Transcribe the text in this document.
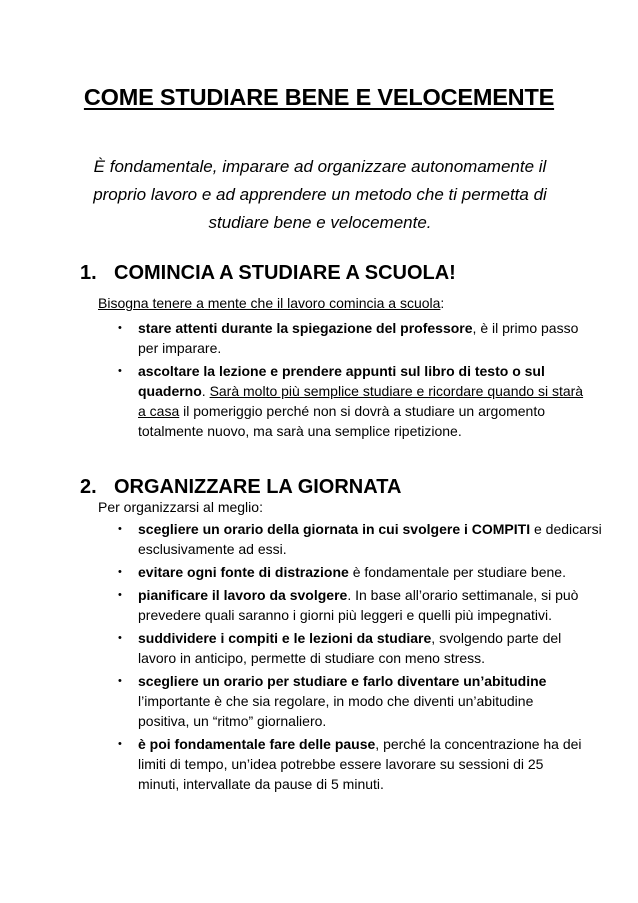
COME STUDIARE BENE E VELOCEMENTE
È fondamentale, imparare ad organizzare autonomamente il
proprio lavoro e ad apprendere un metodo che ti permetta di
studiare bene e velocemente.
1. COMINCIA A STUDIARE A SCUOLA!
Bisogna tenere a mente che il lavoro comincia a scuola:
•	stare attenti durante la spiegazione del professore, è il primo passo
per imparare.
•	ascoltare la lezione e prendere appunti sul libro di testo o sul
quaderno. Sarà molto più semplice studiare e ricordare quando si starà
a casa il pomeriggio perché non si dovrà a studiare un argomento
totalmente nuovo, ma sarà una semplice ripetizione.
2. ORGANIZZARE LA GIORNATA
Per organizzarsi al meglio:
•	scegliere un orario della giornata in cui svolgere i COMPITI e dedicarsi
esclusivamente ad essi.
•	evitare ogni fonte di distrazione è fondamentale per studiare bene.
•	pianificare il lavoro da svolgere. In base all’orario settimanale, si può
prevedere quali saranno i giorni più leggeri e quelli più impegnativi.
•	suddividere i compiti e le lezioni da studiare, svolgendo parte del
lavoro in anticipo, permette di studiare con meno stress.
•	scegliere un orario per studiare e farlo diventare un’abitudine
l’importante è che sia regolare, in modo che diventi un’abitudine
positiva, un “ritmo” giornaliero.
•	è poi fondamentale fare delle pause, perché la concentrazione ha dei
limiti di tempo, un’idea potrebbe essere lavorare su sessioni di 25
minuti, intervallate da pause di 5 minuti.
